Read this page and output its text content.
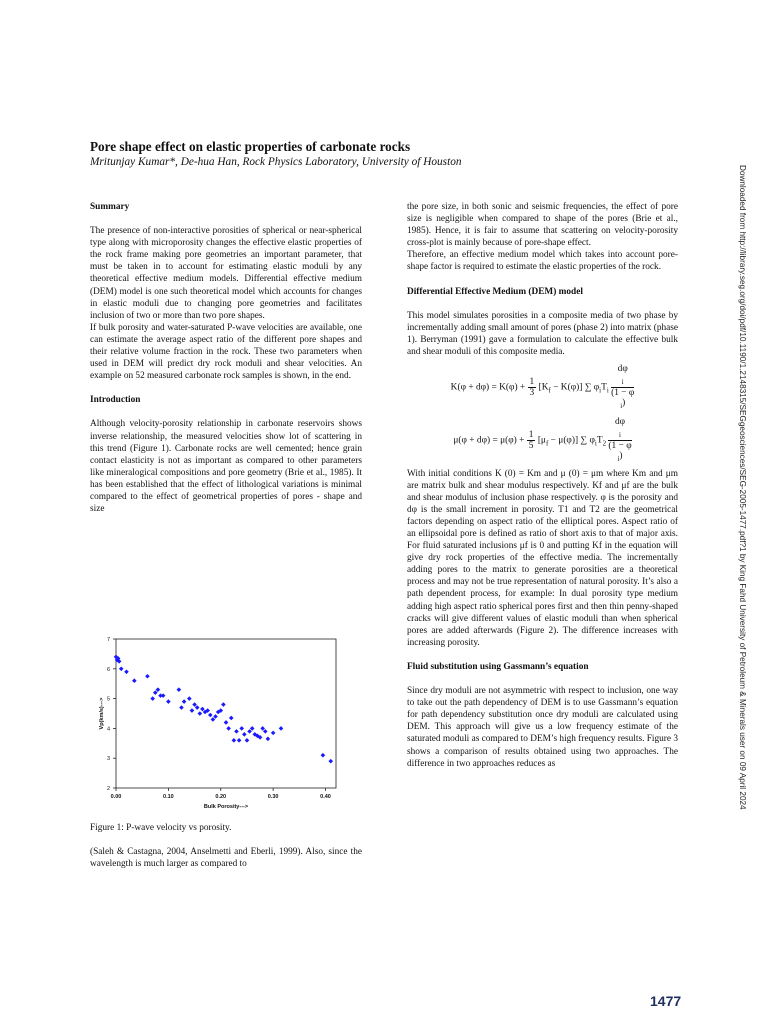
Pore shape effect on elastic properties of carbonate rocks

Mritunjay Kumar*, De-hua Han, Rock Physics Laboratory, University of Houston

Summary

The presence of non-interactive porosities of spherical or near-spherical type along with microporosity changes the effective elastic properties of the rock frame making pore geometries an important parameter, that must be taken in to account for estimating elastic moduli by any theoretical effective medium models. Differential effective medium (DEM) model is one such theoretical model which accounts for changes in elastic moduli due to changing pore geometries and facilitates inclusion of two or more than two pore shapes.

If bulk porosity and water-saturated P-wave velocities are available, one can estimate the average aspect ratio of the different pore shapes and their relative volume fraction in the rock. These two parameters when used in DEM will predict dry rock moduli and shear velocities. An example on 52 measured carbonate rock samples is shown, in the end.

Introduction

Although velocity-porosity relationship in carbonate reservoirs shows inverse relationship, the measured velocities show lot of scattering in this trend (Figure 1). Carbonate rocks are well cemented; hence grain contact elasticity is not as important as compared to other parameters like mineralogical compositions and pore geometry (Brie et al., 1985). It has been established that the effect of lithological variations is minimal compared to the effect of geometrical properties of pores - shape and size

2
3
4
5
6
7
0.00	0.10	0.20	0.30	0.40
Bulk Porosity--->
Vp(km/s)--->

Figure 1: P-wave velocity vs porosity.

(Saleh & Castagna, 2004, Anselmetti and Eberli, 1999). Also, since the wavelength is much larger as compared to

the pore size, in both sonic and seismic frequencies, the effect of pore size is negligible when compared to shape of the pores (Brie et al., 1985). Hence, it is fair to assume that scattering on velocity-porosity cross-plot is mainly because of pore-shape effect.

Therefore, an effective medium model which takes into account pore-shape factor is required to estimate the elastic properties of the rock.

Differential Effective Medium (DEM) model

This model simulates porosities in a composite media of two phase by incrementally adding small amount of pores (phase 2) into matrix (phase 1). Berryman (1991) gave a formulation to calculate the effective bulk and shear moduli of this composite media.

$K(\varphi + d\varphi) = K(\varphi) + \frac{1}{3} [K_f - K(\varphi)]$ ∑ $\varphi_iT_i$ dφ
$_i$
(1 − φ
$_i$)
$\mu(\varphi + d\varphi) = \mu(\varphi) + \frac{1}{5} [\mu_f - \mu(\varphi)]$ ∑ $\varphi_iT_2$ dφ
$_i$
(1 − φ
$_i$)

With initial conditions K (0) = Km and μ (0) = μm where Km and μm are matrix bulk and shear modulus respectively. Kf and μf are the bulk and shear modulus of inclusion phase respectively. φ is the porosity and dφ is the small increment in porosity. T1 and T2 are the geometrical factors depending on aspect ratio of the elliptical pores. Aspect ratio of an ellipsoidal pore is defined as ratio of short axis to that of major axis. For fluid saturated inclusions μf is 0 and putting Kf in the equation will give dry rock properties of the effective media. The incrementally adding pores to the matrix to generate porosities are a theoretical process and may not be true representation of natural porosity. It’s also a path dependent process, for example: In dual porosity type medium adding high aspect ratio spherical pores first and then thin penny-shaped cracks will give different values of elastic moduli than when spherical pores are added afterwards (Figure 2). The difference increases with increasing porosity.

Fluid substitution using Gassmann’s equation

Since dry moduli are not asymmetric with respect to inclusion, one way to take out the path dependency of DEM is to use Gassmann’s equation for path dependency substitution once dry moduli are calculated using DEM. This approach will give us a low frequency estimate of the saturated moduli as compared to DEM’s high frequency results. Figure 3 shows a comparison of results obtained using two approaches. The difference in two approaches reduces as	Downloaded from http://library.seg.org/doi/pdf/10.1190/1.2148315/SEGgeosciences/SEG-2005-1477.pdf?1 by King Fahd University of Petroleum & Minerals user on 09 April 2024
1477
